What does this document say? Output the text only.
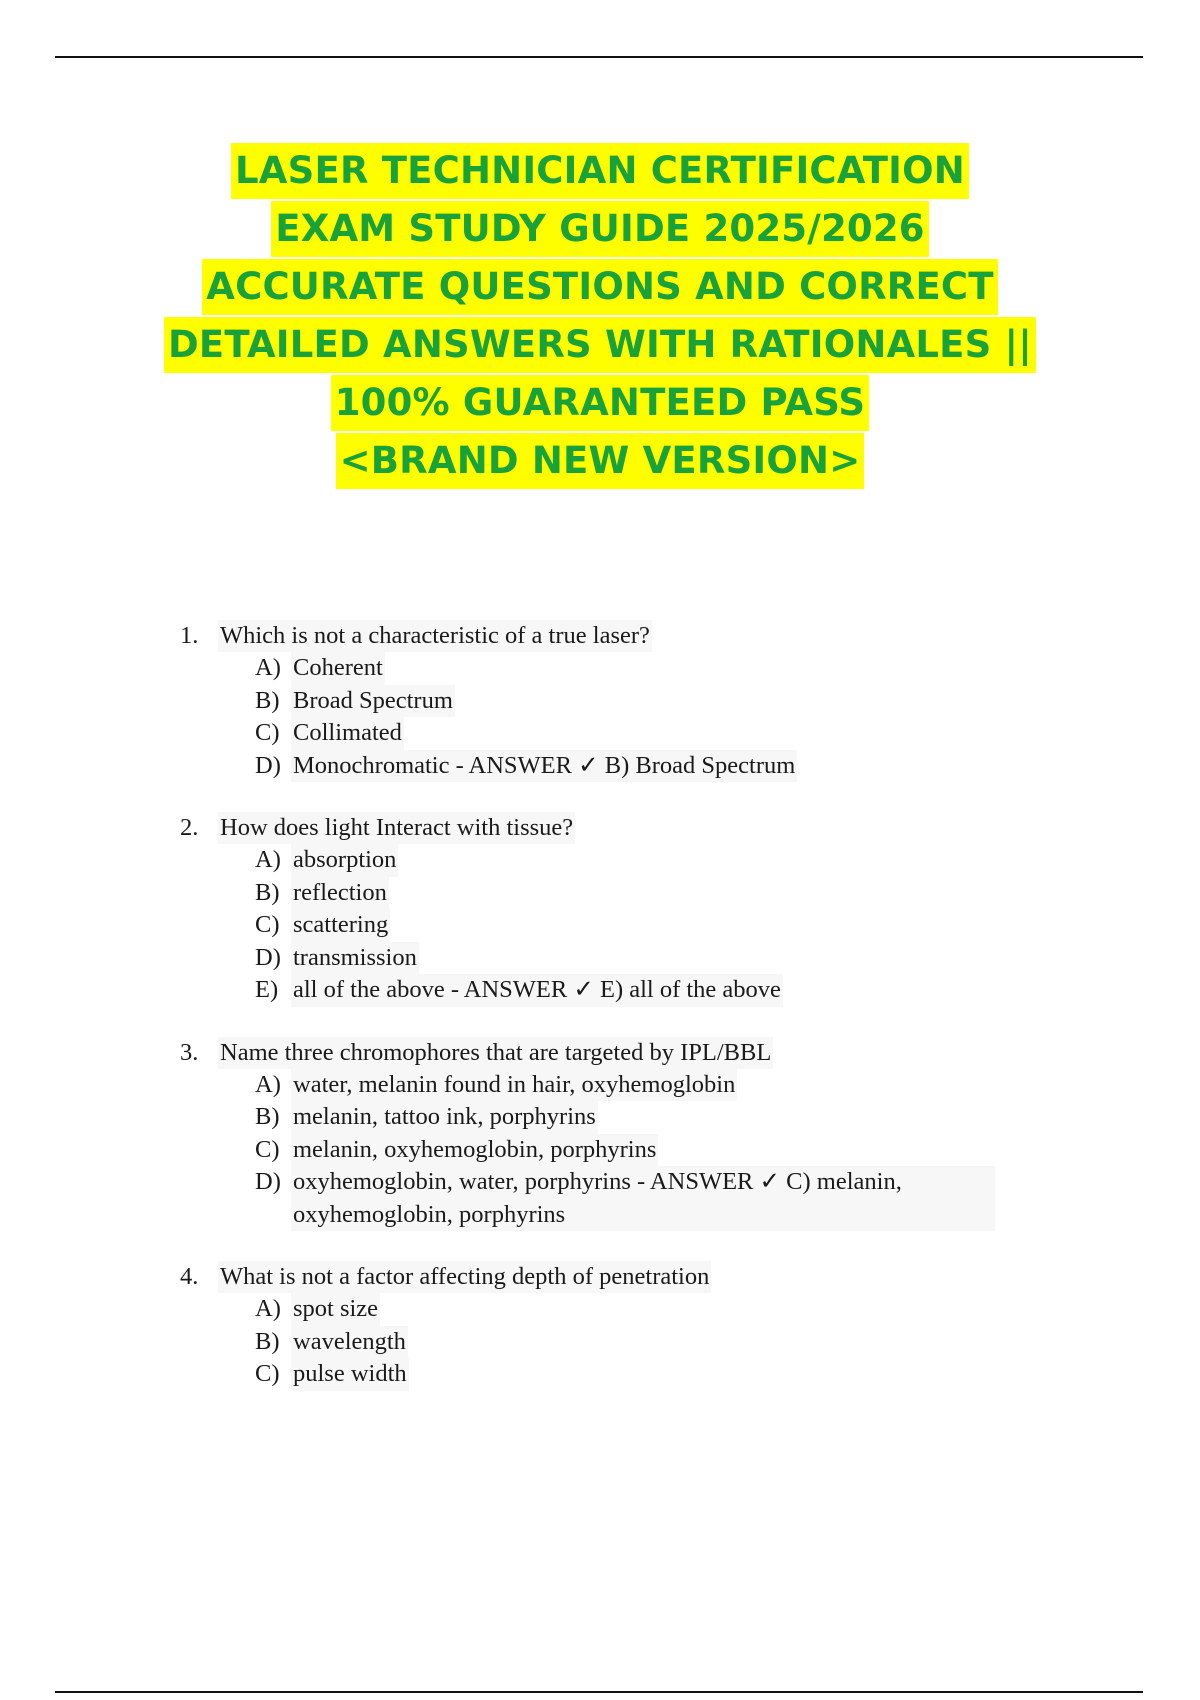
LASER TECHNICIAN CERTIFICATION
EXAM STUDY GUIDE 2025/2026
ACCURATE QUESTIONS AND CORRECT
DETAILED ANSWERS WITH RATIONALES ||
100% GUARANTEED PASS
<BRAND NEW VERSION>
1. Which is not a characteristic of a true laser?
A) Coherent
B) Broad Spectrum
C) Collimated
D) Monochromatic - ANSWER ✓ B) Broad Spectrum
2. How does light Interact with tissue?
A) absorption
B) reflection
C) scattering
D) transmission
E) all of the above - ANSWER ✓ E) all of the above
3. Name three chromophores that are targeted by IPL/BBL
A) water, melanin found in hair, oxyhemoglobin
B) melanin, tattoo ink, porphyrins
C) melanin, oxyhemoglobin, porphyrins
D) oxyhemoglobin, water, porphyrins - ANSWER ✓ C) melanin, oxyhemoglobin, porphyrins
4. What is not a factor affecting depth of penetration
A) spot size
B) wavelength
C) pulse width
